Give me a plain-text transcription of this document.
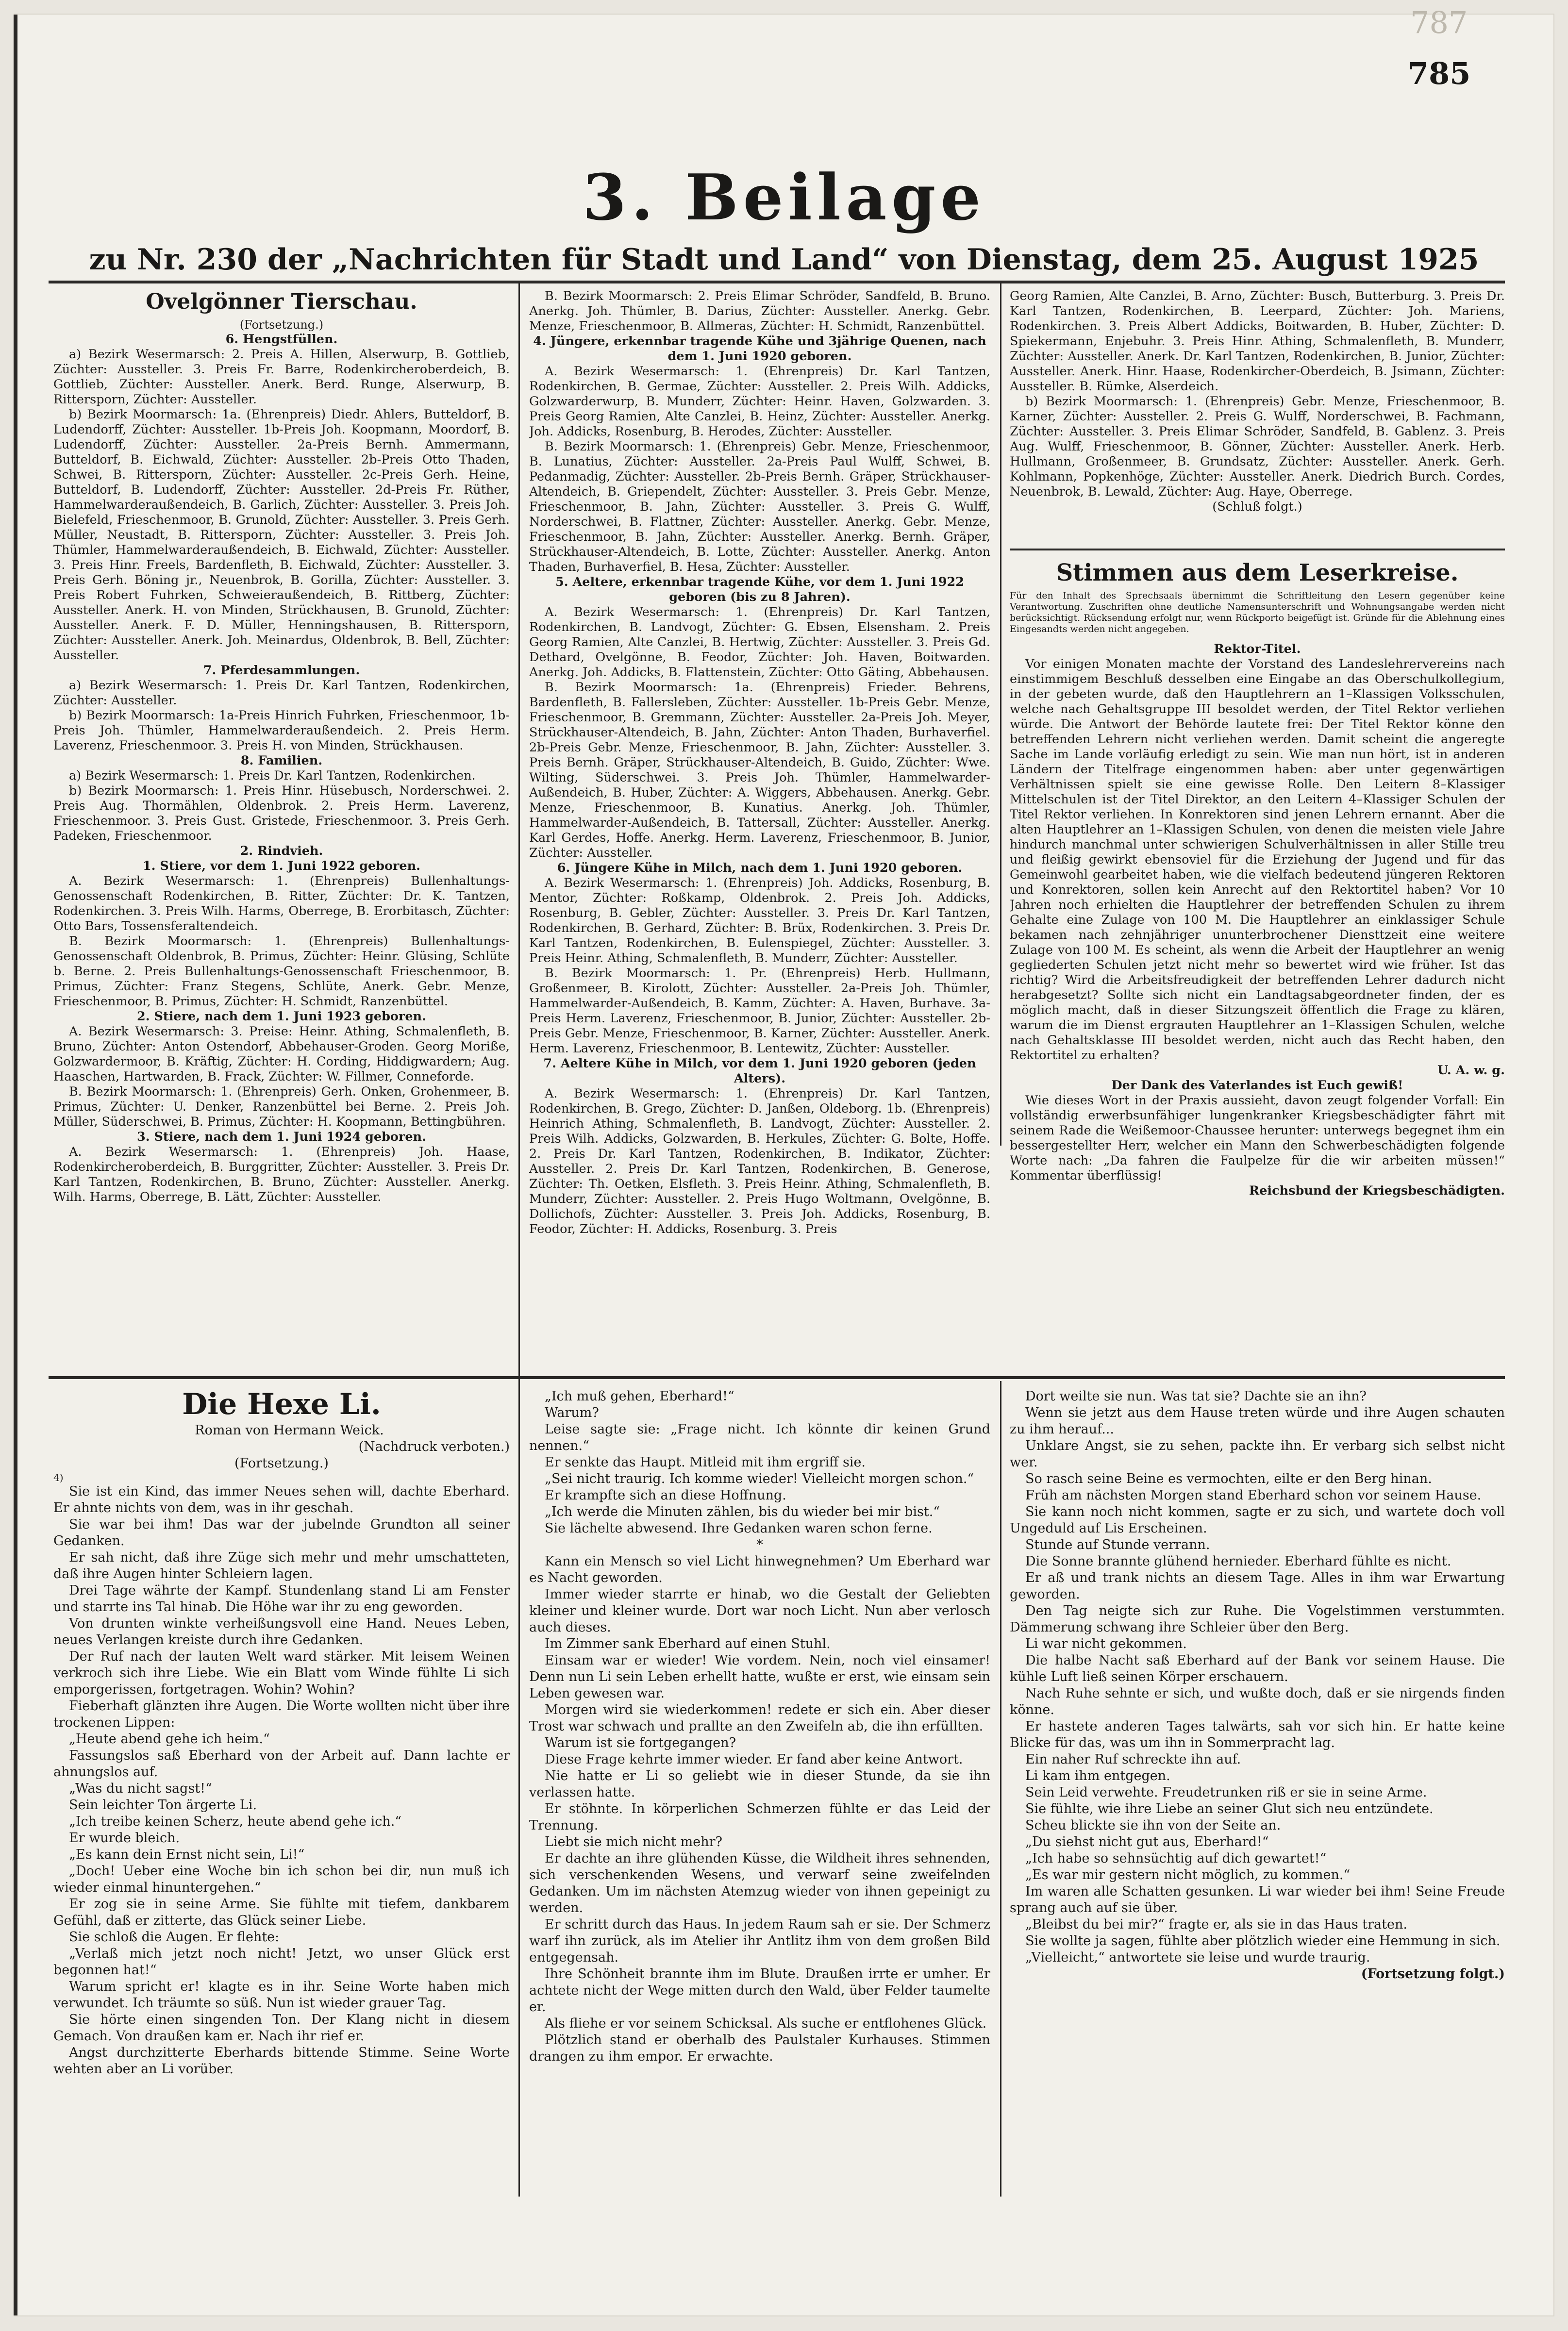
787
785
3. Beilage
zu Nr. 230 der „Nachrichten für Stadt und Land“ von Dienstag, dem 25. August 1925
Ovelgönner Tierschau.

(Fortsetzung.)

6. Hengstfüllen.

a) Bezirk Wesermarsch: 2. Preis A. Hillen, Alserwurp, B. Gottlieb, Züchter: Aussteller. 3. Preis Fr. Barre, Rodenkircheroberdeich, B. Gottlieb, Züchter: Aussteller. Anerk. Berd. Runge, Alserwurp, B. Rittersporn, Züchter: Aussteller.

b) Bezirk Moormarsch: 1a. (Ehrenpreis) Diedr. Ahlers, Butteldorf, B. Ludendorff, Züchter: Aussteller. 1b-Preis Joh. Koopmann, Moordorf, B. Ludendorff, Züchter: Aussteller. 2a-Preis Bernh. Ammermann, Butteldorf, B. Eichwald, Züchter: Aussteller. 2b-Preis Otto Thaden, Schwei, B. Rittersporn, Züchter: Aussteller. 2c-Preis Gerh. Heine, Butteldorf, B. Ludendorff, Züchter: Aussteller. 2d-Preis Fr. Rüther, Hammelwarderaußendeich, B. Garlich, Züchter: Aussteller. 3. Preis Joh. Bielefeld, Frieschenmoor, B. Grunold, Züchter: Aussteller. 3. Preis Gerh. Müller, Neustadt, B. Rittersporn, Züchter: Aussteller. 3. Preis Joh. Thümler, Hammelwarderaußendeich, B. Eichwald, Züchter: Aussteller. 3. Preis Hinr. Freels, Bardenfleth, B. Eichwald, Züchter: Aussteller. 3. Preis Gerh. Böning jr., Neuenbrok, B. Gorilla, Züchter: Aussteller. 3. Preis Robert Fuhrken, Schweieraußendeich, B. Rittberg, Züchter: Aussteller. Anerk. H. von Minden, Strückhausen, B. Grunold, Züchter: Aussteller. Anerk. F. D. Müller, Henningshausen, B. Rittersporn, Züchter: Aussteller. Anerk. Joh. Meinardus, Oldenbrok, B. Bell, Züchter: Aussteller.

7. Pferdesammlungen.

a) Bezirk Wesermarsch: 1. Preis Dr. Karl Tantzen, Rodenkirchen, Züchter: Aussteller.

b) Bezirk Moormarsch: 1a-Preis Hinrich Fuhrken, Frieschenmoor, 1b-Preis Joh. Thümler, Hammelwarderaußendeich. 2. Preis Herm. Laverenz, Frieschenmoor. 3. Preis H. von Minden, Strückhausen.

8. Familien.

a) Bezirk Wesermarsch: 1. Preis Dr. Karl Tantzen, Rodenkirchen.

b) Bezirk Moormarsch: 1. Preis Hinr. Hüsebusch, Norderschwei. 2. Preis Aug. Thormählen, Oldenbrok. 2. Preis Herm. Laverenz, Frieschenmoor. 3. Preis Gust. Gristede, Frieschenmoor. 3. Preis Gerh. Padeken, Frieschenmoor.

2. Rindvieh.

1. Stiere, vor dem 1. Juni 1922 geboren.

A. Bezirk Wesermarsch: 1. (Ehrenpreis) Bullenhaltungs-Genossenschaft Rodenkirchen, B. Ritter, Züchter: Dr. K. Tantzen, Rodenkirchen. 3. Preis Wilh. Harms, Oberrege, B. Erorbitasch, Züchter: Otto Bars, Tossensferaltendeich.

B. Bezirk Moormarsch: 1. (Ehrenpreis) Bullenhaltungs-Genossenschaft Oldenbrok, B. Primus, Züchter: Heinr. Glüsing, Schlüte b. Berne. 2. Preis Bullenhaltungs-Genossenschaft Frieschenmoor, B. Primus, Züchter: Franz Stegens, Schlüte, Anerk. Gebr. Menze, Frieschenmoor, B. Primus, Züchter: H. Schmidt, Ranzenbüttel.

2. Stiere, nach dem 1. Juni 1923 geboren.

A. Bezirk Wesermarsch: 3. Preise: Heinr. Athing, Schmalenfleth, B. Bruno, Züchter: Anton Ostendorf, Abbehauser-Groden. Georg Moriße, Golzwardermoor, B. Kräftig, Züchter: H. Cording, Hiddigwardern; Aug. Haaschen, Hartwarden, B. Frack, Züchter: W. Fillmer, Conneforde.

B. Bezirk Moormarsch: 1. (Ehrenpreis) Gerh. Onken, Grohenmeer, B. Primus, Züchter: U. Denker, Ranzenbüttel bei Berne. 2. Preis Joh. Müller, Süderschwei, B. Primus, Züchter: H. Koopmann, Bettingbühren.

3. Stiere, nach dem 1. Juni 1924 geboren.

A. Bezirk Wesermarsch: 1. (Ehrenpreis) Joh. Haase, Rodenkircheroberdeich, B. Burggritter, Züchter: Aussteller. 3. Preis Dr. Karl Tantzen, Rodenkirchen, B. Bruno, Züchter: Aussteller. Anerkg. Wilh. Harms, Oberrege, B. Lätt, Züchter: Aussteller.

B. Bezirk Moormarsch: 2. Preis Elimar Schröder, Sandfeld, B. Bruno. Anerkg. Joh. Thümler, B. Darius, Züchter: Aussteller. Anerkg. Gebr. Menze, Frieschenmoor, B. Allmeras, Züchter: H. Schmidt, Ranzenbüttel.

4. Jüngere, erkennbar tragende Kühe und 3jährige Quenen, nach dem 1. Juni 1920 geboren.

A. Bezirk Wesermarsch: 1. (Ehrenpreis) Dr. Karl Tantzen, Rodenkirchen, B. Germae, Züchter: Aussteller. 2. Preis Wilh. Addicks, Golzwarderwurp, B. Munderr, Züchter: Heinr. Haven, Golzwarden. 3. Preis Georg Ramien, Alte Canzlei, B. Heinz, Züchter: Aussteller. Anerkg. Joh. Addicks, Rosenburg, B. Herodes, Züchter: Aussteller.

B. Bezirk Moormarsch: 1. (Ehrenpreis) Gebr. Menze, Frieschenmoor, B. Lunatius, Züchter: Aussteller. 2a-Preis Paul Wulff, Schwei, B. Pedanmadig, Züchter: Aussteller. 2b-Preis Bernh. Gräper, Strückhauser-Altendeich, B. Griependelt, Züchter: Aussteller. 3. Preis Gebr. Menze, Frieschenmoor, B. Jahn, Züchter: Aussteller. 3. Preis G. Wulff, Norderschwei, B. Flattner, Züchter: Aussteller. Anerkg. Gebr. Menze, Frieschenmoor, B. Jahn, Züchter: Aussteller. Anerkg. Bernh. Gräper, Strückhauser-Altendeich, B. Lotte, Züchter: Aussteller. Anerkg. Anton Thaden, Burhaverfiel, B. Hesa, Züchter: Aussteller.

5. Aeltere, erkennbar tragende Kühe, vor dem 1. Juni 1922 geboren (bis zu 8 Jahren).

A. Bezirk Wesermarsch: 1. (Ehrenpreis) Dr. Karl Tantzen, Rodenkirchen, B. Landvogt, Züchter: G. Ebsen, Elsensham. 2. Preis Georg Ramien, Alte Canzlei, B. Hertwig, Züchter: Aussteller. 3. Preis Gd. Dethard, Ovelgönne, B. Feodor, Züchter: Joh. Haven, Boitwarden. Anerkg. Joh. Addicks, B. Flattenstein, Züchter: Otto Gäting, Abbehausen.

B. Bezirk Moormarsch: 1a. (Ehrenpreis) Frieder. Behrens, Bardenfleth, B. Fallersleben, Züchter: Aussteller. 1b-Preis Gebr. Menze, Frieschenmoor, B. Gremmann, Züchter: Aussteller. 2a-Preis Joh. Meyer, Strückhauser-Altendeich, B. Jahn, Züchter: Anton Thaden, Burhaverfiel. 2b-Preis Gebr. Menze, Frieschenmoor, B. Jahn, Züchter: Aussteller. 3. Preis Bernh. Gräper, Strückhauser-Altendeich, B. Guido, Züchter: Wwe. Wilting, Süderschwei. 3. Preis Joh. Thümler, Hammelwarder-Außendeich, B. Huber, Züchter: A. Wiggers, Abbehausen. Anerkg. Gebr. Menze, Frieschenmoor, B. Kunatius. Anerkg. Joh. Thümler, Hammelwarder-Außendeich, B. Tattersall, Züchter: Aussteller. Anerkg. Karl Gerdes, Hoffe. Anerkg. Herm. Laverenz, Frieschenmoor, B. Junior, Züchter: Aussteller.

6. Jüngere Kühe in Milch, nach dem 1. Juni 1920 geboren.

A. Bezirk Wesermarsch: 1. (Ehrenpreis) Joh. Addicks, Rosenburg, B. Mentor, Züchter: Roßkamp, Oldenbrok. 2. Preis Joh. Addicks, Rosenburg, B. Gebler, Züchter: Aussteller. 3. Preis Dr. Karl Tantzen, Rodenkirchen, B. Gerhard, Züchter: B. Brüx, Rodenkirchen. 3. Preis Dr. Karl Tantzen, Rodenkirchen, B. Eulenspiegel, Züchter: Aussteller. 3. Preis Heinr. Athing, Schmalenfleth, B. Munderr, Züchter: Aussteller.

B. Bezirk Moormarsch: 1. Pr. (Ehrenpreis) Herb. Hullmann, Großenmeer, B. Kirolott, Züchter: Aussteller. 2a-Preis Joh. Thümler, Hammelwarder-Außendeich, B. Kamm, Züchter: A. Haven, Burhave. 3a-Preis Herm. Laverenz, Frieschenmoor, B. Junior, Züchter: Aussteller. 2b-Preis Gebr. Menze, Frieschenmoor, B. Karner, Züchter: Aussteller. Anerk. Herm. Laverenz, Frieschenmoor, B. Lentewitz, Züchter: Aussteller.

7. Aeltere Kühe in Milch, vor dem 1. Juni 1920 geboren (jeden Alters).

A. Bezirk Wesermarsch: 1. (Ehrenpreis) Dr. Karl Tantzen, Rodenkirchen, B. Grego, Züchter: D. Janßen, Oldeborg. 1b. (Ehrenpreis) Heinrich Athing, Schmalenfleth, B. Landvogt, Züchter: Aussteller. 2. Preis Wilh. Addicks, Golzwarden, B. Herkules, Züchter: G. Bolte, Hoffe. 2. Preis Dr. Karl Tantzen, Rodenkirchen, B. Indikator, Züchter: Aussteller. 2. Preis Dr. Karl Tantzen, Rodenkirchen, B. Generose, Züchter: Th. Oetken, Elsfleth. 3. Preis Heinr. Athing, Schmalenfleth, B. Munderr, Züchter: Aussteller. 2. Preis Hugo Woltmann, Ovelgönne, B. Dollichofs, Züchter: Aussteller. 3. Preis Joh. Addicks, Rosenburg, B. Feodor, Züchter: H. Addicks, Rosenburg. 3. Preis

Georg Ramien, Alte Canzlei, B. Arno, Züchter: Busch, Butterburg. 3. Preis Dr. Karl Tantzen, Rodenkirchen, B. Leerpard, Züchter: Joh. Mariens, Rodenkirchen. 3. Preis Albert Addicks, Boitwarden, B. Huber, Züchter: D. Spiekermann, Enjebuhr. 3. Preis Hinr. Athing, Schmalenfleth, B. Munderr, Züchter: Aussteller. Anerk. Dr. Karl Tantzen, Rodenkirchen, B. Junior, Züchter: Aussteller. Anerk. Hinr. Haase, Rodenkircher-Oberdeich, B. Jsimann, Züchter: Aussteller. B. Rümke, Alserdeich.

b) Bezirk Moormarsch: 1. (Ehrenpreis) Gebr. Menze, Frieschenmoor, B. Karner, Züchter: Aussteller. 2. Preis G. Wulff, Norderschwei, B. Fachmann, Züchter: Aussteller. 3. Preis Elimar Schröder, Sandfeld, B. Gablenz. 3. Preis Aug. Wulff, Frieschenmoor, B. Gönner, Züchter: Aussteller. Anerk. Herb. Hullmann, Großenmeer, B. Grundsatz, Züchter: Aussteller. Anerk. Gerh. Kohlmann, Popkenhöge, Züchter: Aussteller. Anerk. Diedrich Burch. Cordes, Neuenbrok, B. Lewald, Züchter: Aug. Haye, Oberrege.

(Schluß folgt.)

Stimmen aus dem Leserkreise.

Für den Inhalt des Sprechsaals übernimmt die Schriftleitung den Lesern gegenüber keine Verantwortung. Zuschriften ohne deutliche Namensunterschrift und Wohnungsangabe werden nicht berücksichtigt. Rücksendung erfolgt nur, wenn Rückporto beigefügt ist. Gründe für die Ablehnung eines Eingesandts werden nicht angegeben.

Rektor-Titel.

Vor einigen Monaten machte der Vorstand des Landeslehrervereins nach einstimmigem Beschluß desselben eine Eingabe an das Oberschulkollegium, in der gebeten wurde, daß den Hauptlehrern an 1–Klassigen Volksschulen, welche nach Gehaltsgruppe III besoldet werden, der Titel Rektor verliehen würde. Die Antwort der Behörde lautete frei: Der Titel Rektor könne den betreffenden Lehrern nicht verliehen werden. Damit scheint die angeregte Sache im Lande vorläufig erledigt zu sein. Wie man nun hört, ist in anderen Ländern der Titelfrage eingenommen haben: aber unter gegenwärtigen Verhältnissen spielt sie eine gewisse Rolle. Den Leitern 8–Klassiger Mittelschulen ist der Titel Direktor, an den Leitern 4–Klassiger Schulen der Titel Rektor verliehen. In Konrektoren sind jenen Lehrern ernannt. Aber die alten Hauptlehrer an 1–Klassigen Schulen, von denen die meisten viele Jahre hindurch manchmal unter schwierigen Schulverhältnissen in aller Stille treu und fleißig gewirkt ebensoviel für die Erziehung der Jugend und für das Gemeinwohl gearbeitet haben, wie die vielfach bedeutend jüngeren Rektoren und Konrektoren, sollen kein Anrecht auf den Rektortitel haben? Vor 10 Jahren noch erhielten die Hauptlehrer der betreffenden Schulen zu ihrem Gehalte eine Zulage von 100 M. Die Hauptlehrer an einklassiger Schule bekamen nach zehnjähriger ununterbrochener Diensttzeit eine weitere Zulage von 100 M. Es scheint, als wenn die Arbeit der Hauptlehrer an wenig gegliederten Schulen jetzt nicht mehr so bewertet wird wie früher. Ist das richtig? Wird die Arbeitsfreudigkeit der betreffenden Lehrer dadurch nicht herabgesetzt? Sollte sich nicht ein Landtagsabgeordneter finden, der es möglich macht, daß in dieser Sitzungszeit öffentlich die Frage zu klären, warum die im Dienst ergrauten Hauptlehrer an 1–Klassigen Schulen, welche nach Gehaltsklasse III besoldet werden, nicht auch das Recht haben, den Rektortitel zu erhalten?

U. A. w. g.

Der Dank des Vaterlandes ist Euch gewiß!

Wie dieses Wort in der Praxis aussieht, davon zeugt folgender Vorfall: Ein vollständig erwerbsunfähiger lungenkranker Kriegsbeschädigter fährt mit seinem Rade die Weißemoor-Chaussee herunter: unterwegs begegnet ihm ein bessergestellter Herr, welcher ein Mann den Schwerbeschädigten folgende Worte nach: „Da fahren die Faulpelze für die wir arbeiten müssen!“ Kommentar überflüssig!

Reichsbund der Kriegsbeschädigten.

Die Hexe Li.

Roman von Hermann Weick.

(Nachdruck verboten.)

(Fortsetzung.)

4)

Sie ist ein Kind, das immer Neues sehen will, dachte Eberhard. Er ahnte nichts von dem, was in ihr geschah.

Sie war bei ihm! Das war der jubelnde Grundton all seiner Gedanken.

Er sah nicht, daß ihre Züge sich mehr und mehr umschatteten, daß ihre Augen hinter Schleiern lagen.

Drei Tage währte der Kampf. Stundenlang stand Li am Fenster und starrte ins Tal hinab. Die Höhe war ihr zu eng geworden.

Von drunten winkte verheißungsvoll eine Hand. Neues Leben, neues Verlangen kreiste durch ihre Gedanken.

Der Ruf nach der lauten Welt ward stärker. Mit leisem Weinen verkroch sich ihre Liebe. Wie ein Blatt vom Winde fühlte Li sich emporgerissen, fortgetragen. Wohin? Wohin?

Fieberhaft glänzten ihre Augen. Die Worte wollten nicht über ihre trockenen Lippen:

„Heute abend gehe ich heim.“

Fassungslos saß Eberhard von der Arbeit auf. Dann lachte er ahnungslos auf.

„Was du nicht sagst!“

Sein leichter Ton ärgerte Li.

„Ich treibe keinen Scherz, heute abend gehe ich.“

Er wurde bleich.

„Es kann dein Ernst nicht sein, Li!“

„Doch! Ueber eine Woche bin ich schon bei dir, nun muß ich wieder einmal hinuntergehen.“

Er zog sie in seine Arme. Sie fühlte mit tiefem, dankbarem Gefühl, daß er zitterte, das Glück seiner Liebe.

Sie schloß die Augen. Er flehte:

„Verlaß mich jetzt noch nicht! Jetzt, wo unser Glück erst begonnen hat!“

Warum spricht er! klagte es in ihr. Seine Worte haben mich verwundet. Ich träumte so süß. Nun ist wieder grauer Tag.

Sie hörte einen singenden Ton. Der Klang nicht in diesem Gemach. Von draußen kam er. Nach ihr rief er.

Angst durchzitterte Eberhards bittende Stimme. Seine Worte wehten aber an Li vorüber.

„Ich muß gehen, Eberhard!“

Warum?

Leise sagte sie: „Frage nicht. Ich könnte dir keinen Grund nennen.“

Er senkte das Haupt. Mitleid mit ihm ergriff sie.

„Sei nicht traurig. Ich komme wieder! Vielleicht morgen schon.“

Er krampfte sich an diese Hoffnung.

„Ich werde die Minuten zählen, bis du wieder bei mir bist.“

Sie lächelte abwesend. Ihre Gedanken waren schon ferne.

*

Kann ein Mensch so viel Licht hinwegnehmen? Um Eberhard war es Nacht geworden.

Immer wieder starrte er hinab, wo die Gestalt der Geliebten kleiner und kleiner wurde. Dort war noch Licht. Nun aber verlosch auch dieses.

Im Zimmer sank Eberhard auf einen Stuhl.

Einsam war er wieder! Wie vordem. Nein, noch viel einsamer! Denn nun Li sein Leben erhellt hatte, wußte er erst, wie einsam sein Leben gewesen war.

Morgen wird sie wiederkommen! redete er sich ein. Aber dieser Trost war schwach und prallte an den Zweifeln ab, die ihn erfüllten.

Warum ist sie fortgegangen?

Diese Frage kehrte immer wieder. Er fand aber keine Antwort.

Nie hatte er Li so geliebt wie in dieser Stunde, da sie ihn verlassen hatte.

Er stöhnte. In körperlichen Schmerzen fühlte er das Leid der Trennung.

Liebt sie mich nicht mehr?

Er dachte an ihre glühenden Küsse, die Wildheit ihres sehnenden, sich verschenkenden Wesens, und verwarf seine zweifelnden Gedanken. Um im nächsten Atemzug wieder von ihnen gepeinigt zu werden.

Er schritt durch das Haus. In jedem Raum sah er sie. Der Schmerz warf ihn zurück, als im Atelier ihr Antlitz ihm von dem großen Bild entgegensah.

Ihre Schönheit brannte ihm im Blute. Draußen irrte er umher. Er achtete nicht der Wege mitten durch den Wald, über Felder taumelte er.

Als fliehe er vor seinem Schicksal. Als suche er entflohenes Glück.

Plötzlich stand er oberhalb des Paulstaler Kurhauses. Stimmen drangen zu ihm empor. Er erwachte.

Dort weilte sie nun. Was tat sie? Dachte sie an ihn?

Wenn sie jetzt aus dem Hause treten würde und ihre Augen schauten zu ihm herauf...

Unklare Angst, sie zu sehen, packte ihn. Er verbarg sich selbst nicht wer.

So rasch seine Beine es vermochten, eilte er den Berg hinan.

Früh am nächsten Morgen stand Eberhard schon vor seinem Hause.

Sie kann noch nicht kommen, sagte er zu sich, und wartete doch voll Ungeduld auf Lis Erscheinen.

Stunde auf Stunde verrann.

Die Sonne brannte glühend hernieder. Eberhard fühlte es nicht.

Er aß und trank nichts an diesem Tage. Alles in ihm war Erwartung geworden.

Den Tag neigte sich zur Ruhe. Die Vogelstimmen verstummten. Dämmerung schwang ihre Schleier über den Berg.

Li war nicht gekommen.

Die halbe Nacht saß Eberhard auf der Bank vor seinem Hause. Die kühle Luft ließ seinen Körper erschauern.

Nach Ruhe sehnte er sich, und wußte doch, daß er sie nirgends finden könne.

Er hastete anderen Tages talwärts, sah vor sich hin. Er hatte keine Blicke für das, was um ihn in Sommerpracht lag.

Ein naher Ruf schreckte ihn auf.

Li kam ihm entgegen.

Sein Leid verwehte. Freudetrunken riß er sie in seine Arme.

Sie fühlte, wie ihre Liebe an seiner Glut sich neu entzündete.

Scheu blickte sie ihn von der Seite an.

„Du siehst nicht gut aus, Eberhard!“

„Ich habe so sehnsüchtig auf dich gewartet!“

„Es war mir gestern nicht möglich, zu kommen.“

Im waren alle Schatten gesunken. Li war wieder bei ihm! Seine Freude sprang auch auf sie über.

„Bleibst du bei mir?“ fragte er, als sie in das Haus traten.

Sie wollte ja sagen, fühlte aber plötzlich wieder eine Hemmung in sich.

„Vielleicht,“ antwortete sie leise und wurde traurig.

(Fortsetzung folgt.)
